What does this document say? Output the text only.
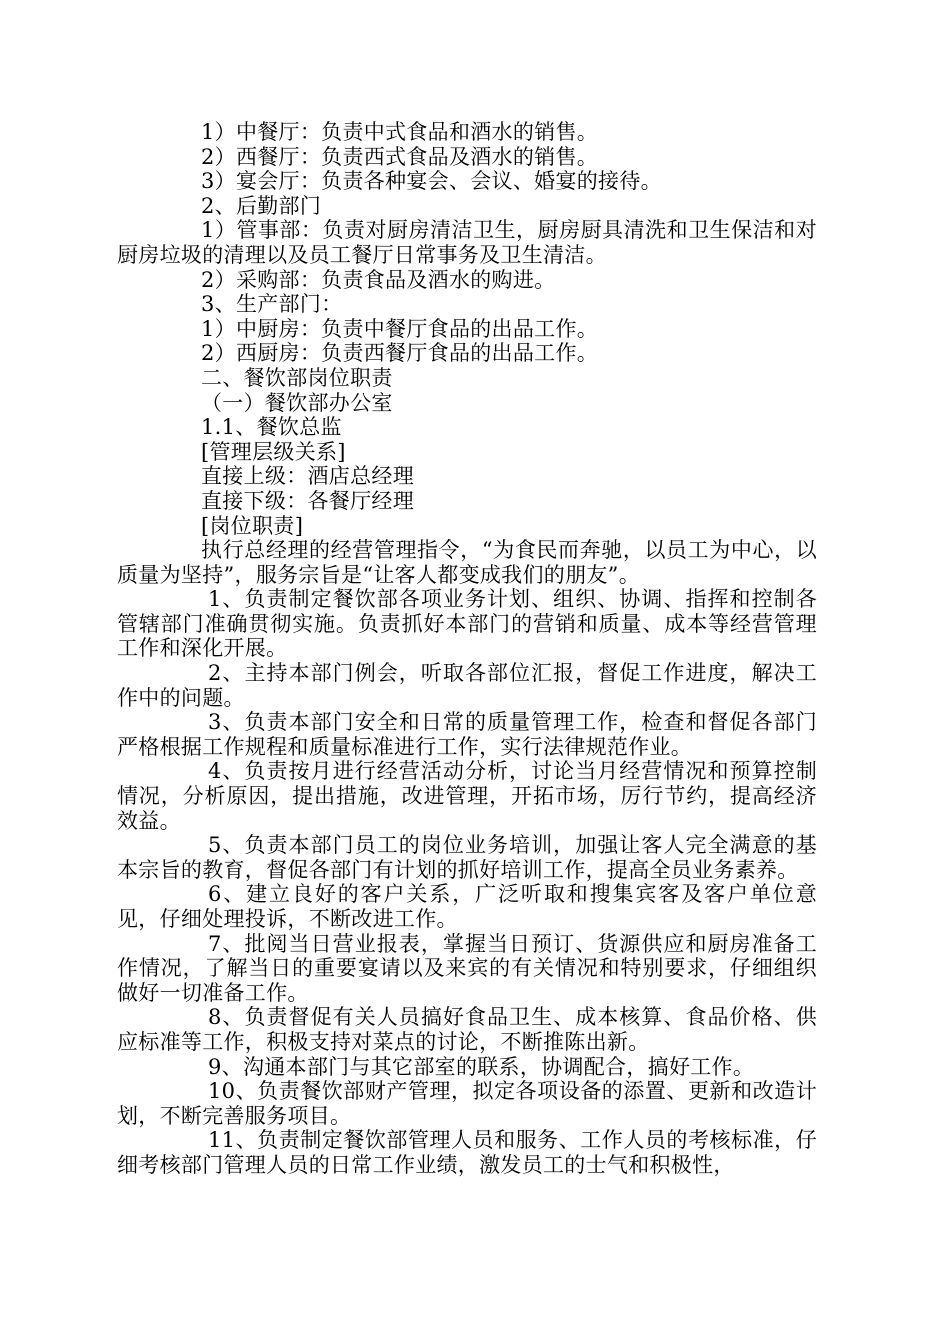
1）中餐厅：负责中式食品和酒水的销售。

2）西餐厅：负责西式食品及酒水的销售。

3）宴会厅：负责各种宴会、会议、婚宴的接待。

2、后勤部门

1）管事部：负责对厨房清洁卫生，厨房厨具清洗和卫生保洁和对厨房垃圾的清理以及员工餐厅日常事务及卫生清洁。

2）采购部：负责食品及酒水的购进。

3、生产部门：

1）中厨房：负责中餐厅食品的出品工作。

2）西厨房：负责西餐厅食品的出品工作。

二、餐饮部岗位职责

（一）餐饮部办公室

1.1、餐饮总监

[管理层级关系]

直接上级：酒店总经理

直接下级：各餐厅经理

[岗位职责]

执行总经理的经营管理指令，“为食民而奔驰，以员工为中心，以质量为坚持”，服务宗旨是“让客人都变成我们的朋友”。

1、负责制定餐饮部各项业务计划、组织、协调、指挥和控制各管辖部门准确贯彻实施。负责抓好本部门的营销和质量、成本等经营管理工作和深化开展。

2、主持本部门例会，听取各部位汇报，督促工作进度，解决工作中的问题。

3、负责本部门安全和日常的质量管理工作，检查和督促各部门严格根据工作规程和质量标准进行工作，实行法律规范作业。

4、负责按月进行经营活动分析，讨论当月经营情况和预算控制情况，分析原因，提出措施，改进管理，开拓市场，厉行节约，提高经济效益。

5、负责本部门员工的岗位业务培训，加强让客人完全满意的基本宗旨的教育，督促各部门有计划的抓好培训工作，提高全员业务素养。

6、建立良好的客户关系，广泛听取和搜集宾客及客户单位意见，仔细处理投诉，不断改进工作。

7、批阅当日营业报表，掌握当日预订、货源供应和厨房准备工作情况，了解当日的重要宴请以及来宾的有关情况和特别要求，仔细组织做好一切准备工作。

8、负责督促有关人员搞好食品卫生、成本核算、食品价格、供应标准等工作，积极支持对菜点的讨论，不断推陈出新。

9、沟通本部门与其它部室的联系，协调配合，搞好工作。

10、负责餐饮部财产管理，拟定各项设备的添置、更新和改造计划，不断完善服务项目。

11、负责制定餐饮部管理人员和服务、工作人员的考核标准，仔细考核部门管理人员的日常工作业绩，激发员工的士气和积极性，
